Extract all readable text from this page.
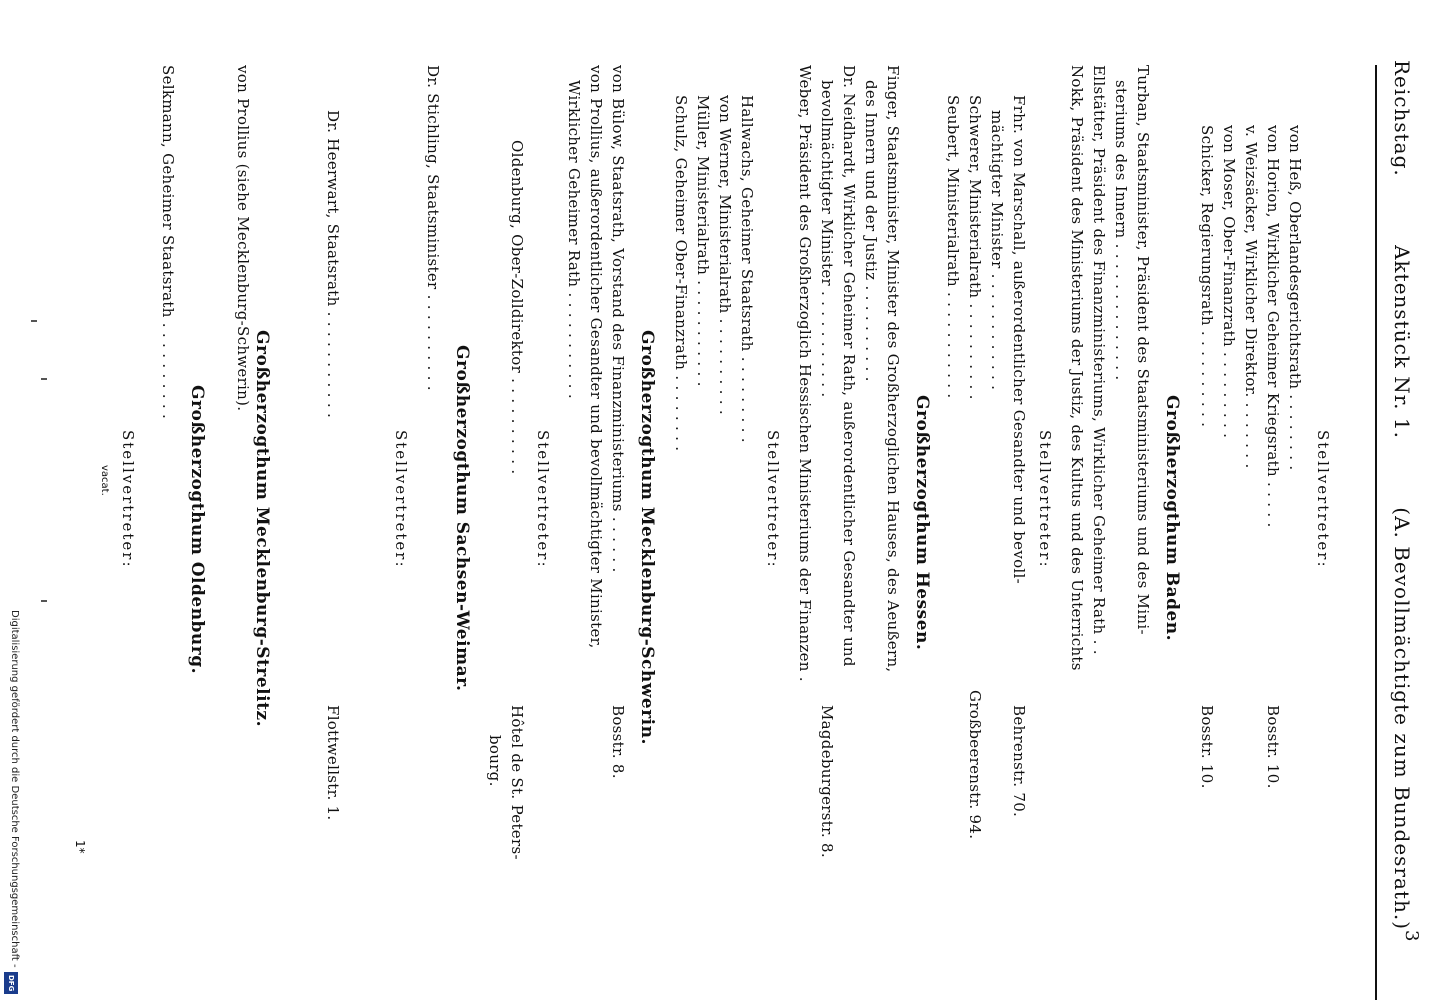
Reichstag.
Aktenstück Nr. 1.
(A. Bevollmächtigte zum Bundesrath.)
3
Stellvertreter:
von Heß, Oberlandesgerichtsrath . . . . . . . .
von Horion, Wirklicher Geheimer Kriegsrath . . . . .
Bosstr. 10.
v. Weizsäcker, Wirklicher Direktor. . . . . . . .
von Moser, Ober-Finanzrath . . . . . . . . .
Schicker, Regierungsrath . . . . . . . . . .
Bosstr. 10.
Großherzogthum Baden.
Turban, Staatsminister, Präsident des Staatsministeriums und des Mini-
steriums des Innern . . . . . . . . . . . . . .
Ellstätter, Präsident des Finanzministeriums, Wirklicher Geheimer Rath . .
Nokk, Präsident des Ministeriums der Justiz, des Kultus und des Unterrichts
Stellvertreter:
Frhr. von Marschall, außerordentlicher Gesandter und bevoll-
Behrenstr. 70.
mächtigter Minister . . . . . . . . . . . .
Schwerer, Ministerialrath . . . . . . . . . .
Großbeerenstr. 94.
Seubert, Ministerialrath . . . . . . . . . . .
Großherzogthum Hessen.
Finger, Staatsminister, Minister des Großherzoglichen Hauses, des Aeußern,
des Innern und der Justiz . . . . . . . . . .
Dr. Neidhardt, Wirklicher Geheimer Rath, außerordentlicher Gesandter und
Magdeburgerstr. 8.
bevollmächtigter Minister . . . . . . . . . . .
Weber, Präsident des Großherzoglich Hessischen Ministeriums der Finanzen .
Stellvertreter:
Hallwachs, Geheimer Staatsrath . . . . . . . . .
von Werner, Ministerialrath . . . . . . . . . .
Müller, Ministerialrath . . . . . . . . . . .
Schulz, Geheimer Ober-Finanzrath . . . . . . . .
Großherzogthum Mecklenburg-Schwerin.
von Bülow, Staatsrath, Vorstand des Finanzministeriums . . . . . .
Bosstr. 8.
von Prollius, außerordentlicher Gesandter und bevollmächtigter Minister,
Wirklicher Geheimer Rath . . . . . . . . . . .
Stellvertreter:
Oldenburg, Ober-Zolldirektor . . . . . . . . . .
Hôtel de St. Peters-
bourg.
Großherzogthum Sachsen-Weimar.
Dr. Stichling, Staatsminister . . . . . . . . . .
Stellvertreter:
Dr. Heerwart, Staatsrath . . . . . . . . . . .
Flottwellstr. 1.
Großherzogthum Mecklenburg-Strelitz.
von Prollius (siehe Mecklenburg-Schwerin).
Großherzogthum Oldenburg.
Selkmann, Geheimer Staatsrath . . . . . . . . . .
Stellvertreter:
vacat.
1*
Digitalisierung gefördert durch die Deutsche Forschungsgemeinschaft -
DFG
